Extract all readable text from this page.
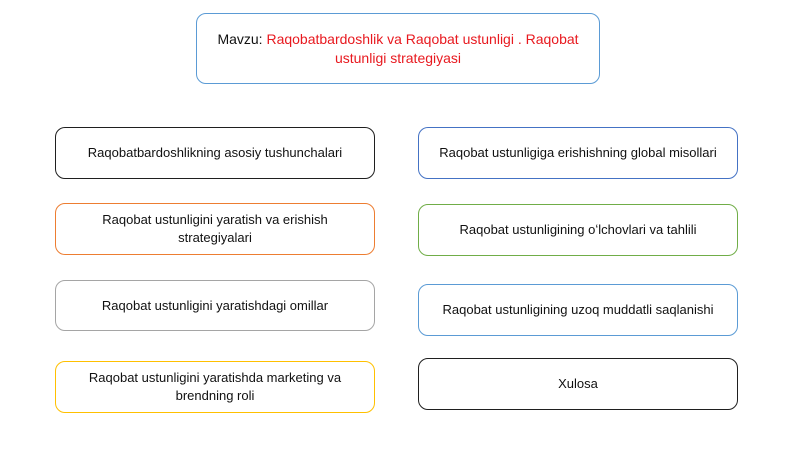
Mavzu: Raqobatbardoshlik va Raqobat ustunligi . Raqobat ustunligi strategiyasi
Raqobatbardoshlikning asosiy tushunchalari
Raqobat ustunligini yaratish va erishish strategiyalari
Raqobat ustunligini yaratishdagi omillar
Raqobat ustunligini yaratishda marketing va brendning roli
Raqobat ustunligiga erishishning global misollari
Raqobat ustunligining oʻlchovlari va tahlili
Raqobat ustunligining uzoq muddatli saqlanishi
Xulosa
